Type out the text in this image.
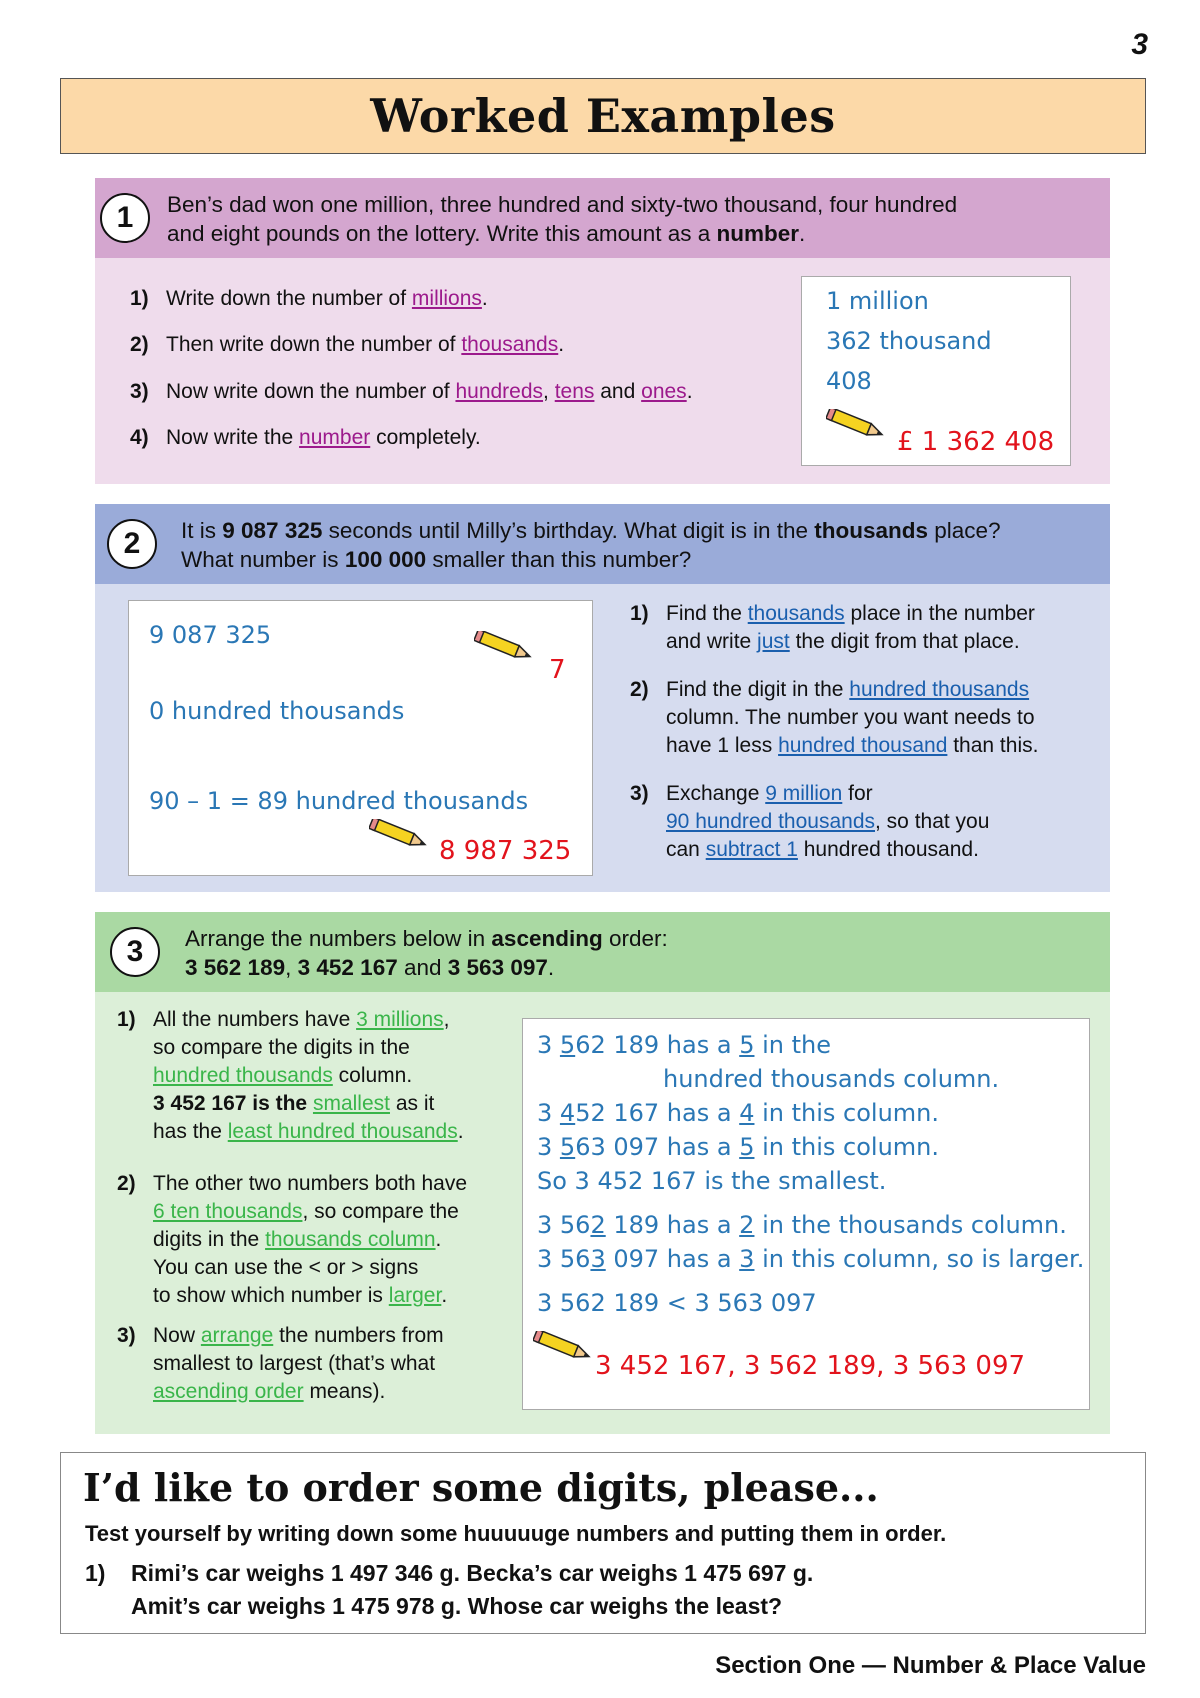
3
Worked Examples
1	Ben’s dad won one million, three hundred and sixty-two thousand, four hundred
and eight pounds on the lottery. Write this amount as a number.
1) Write down the number of millions.
2) Then write down the number of thousands.
3) Now write down the number of hundreds, tens and ones.
4) Now write the number completely.
1 million
362 thousand
408
£ 1 362 408
2	It is 9 087 325 seconds until Milly’s birthday. What digit is in the thousands place?
What number is 100 000 smaller than this number?
9 087 325
7
0 hundred thousands
90 – 1 = 89 hundred thousands
8 987 325
1) Find the thousands place in the number
and write just the digit from that place.
2) Find the digit in the hundred thousands
column. The number you want needs to
have 1 less hundred thousand than this.
3) Exchange 9 million for
90 hundred thousands, so that you
can subtract 1 hundred thousand.
3	Arrange the numbers below in ascending order:
3 562 189, 3 452 167 and 3 563 097.
1) All the numbers have 3 millions,
so compare the digits in the
hundred thousands column.
3 452 167 is the smallest as it
has the least hundred thousands.
2) The other two numbers both have
6 ten thousands, so compare the
digits in the thousands column.
You can use the < or > signs
to show which number is larger.
3) Now arrange the numbers from
smallest to largest (that’s what
ascending order means).
3 562 189 has a 5 in the
hundred thousands column.
3 452 167 has a 4 in this column.
3 563 097 has a 5 in this column.
So 3 452 167 is the smallest.
3 562 189 has a 2 in the thousands column.
3 563 097 has a 3 in this column, so is larger.
3 562 189 < 3 563 097
3 452 167, 3 562 189, 3 563 097
I’d like to order some digits, please...
Test yourself by writing down some huuuuuge numbers and putting them in order.
1) Rimi’s car weighs 1 497 346 g. Becka’s car weighs 1 475 697 g.
Amit’s car weighs 1 475 978 g. Whose car weighs the least?
Section One — Number & Place Value
